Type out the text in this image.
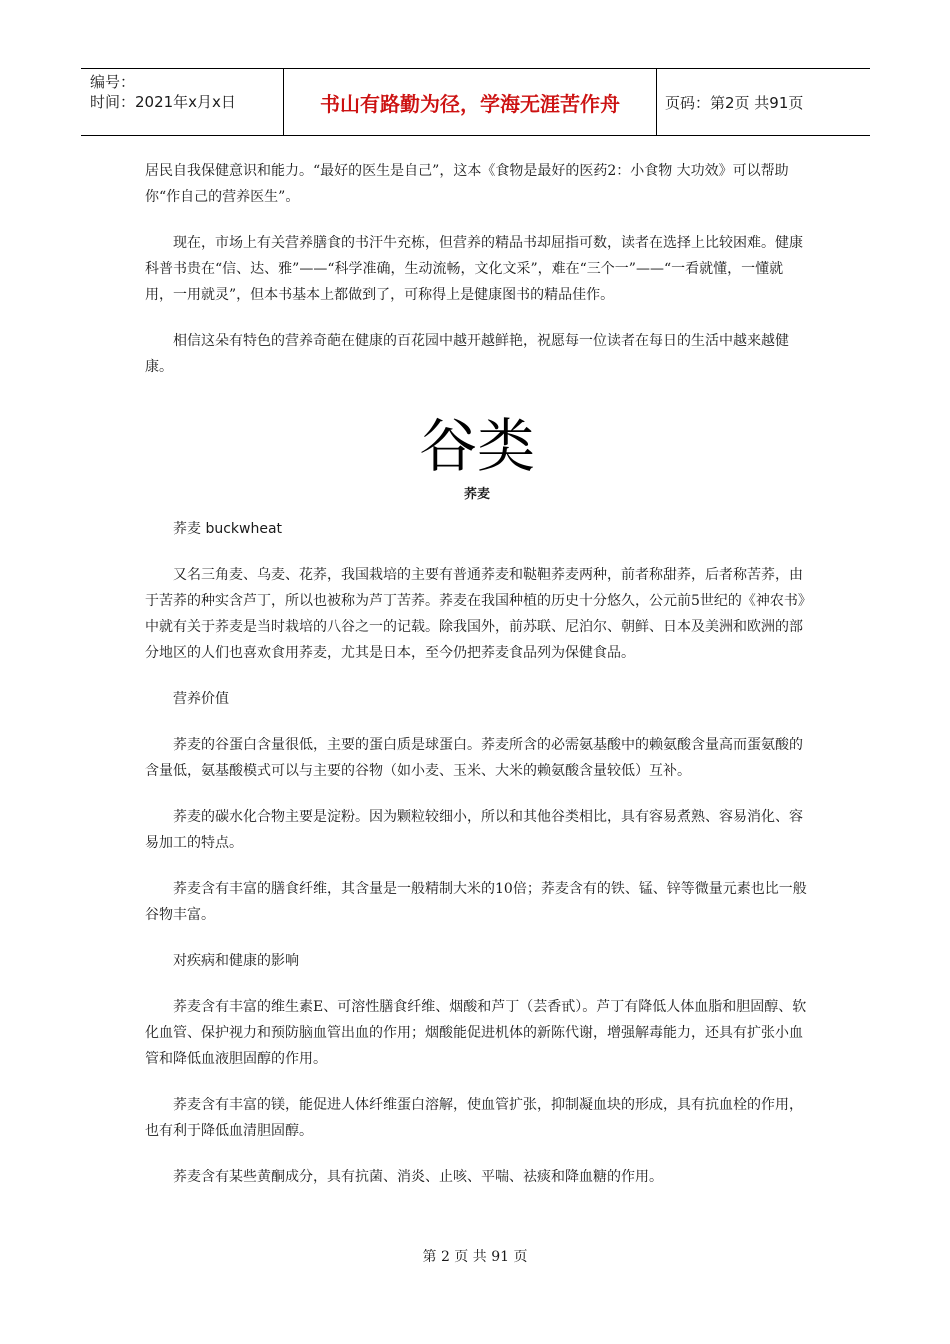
编号：
时间：2021年x月x日	书山有路勤为径，学海无涯苦作舟	页码：第2页 共91页

居民自我保健意识和能力。“最好的医生是自己”，这本《食物是最好的医药2：小食物 大功效》可以帮助你“作自己的营养医生”。

现在，市场上有关营养膳食的书汗牛充栋，但营养的精品书却屈指可数，读者在选择上比较困难。健康科普书贵在“信、达、雅”——“科学准确，生动流畅，文化文采”，难在“三个一”——“一看就懂，一懂就用，一用就灵”，但本书基本上都做到了，可称得上是健康图书的精品佳作。

相信这朵有特色的营养奇葩在健康的百花园中越开越鲜艳，祝愿每一位读者在每日的生活中越来越健康。

谷类
荞麦

荞麦 buckwheat

又名三角麦、乌麦、花荞，我国栽培的主要有普通荞麦和鞑靼荞麦两种，前者称甜荞，后者称苦荞，由于苦荞的种实含芦丁，所以也被称为芦丁苦荞。荞麦在我国种植的历史十分悠久，公元前5世纪的《神农书》中就有关于荞麦是当时栽培的八谷之一的记载。除我国外，前苏联、尼泊尔、朝鲜、日本及美洲和欧洲的部分地区的人们也喜欢食用荞麦，尤其是日本，至今仍把荞麦食品列为保健食品。

营养价值

荞麦的谷蛋白含量很低，主要的蛋白质是球蛋白。荞麦所含的必需氨基酸中的赖氨酸含量高而蛋氨酸的含量低，氨基酸模式可以与主要的谷物（如小麦、玉米、大米的赖氨酸含量较低）互补。

荞麦的碳水化合物主要是淀粉。因为颗粒较细小，所以和其他谷类相比，具有容易煮熟、容易消化、容易加工的特点。

荞麦含有丰富的膳食纤维，其含量是一般精制大米的10倍；荞麦含有的铁、锰、锌等微量元素也比一般谷物丰富。

对疾病和健康的影响

荞麦含有丰富的维生素E、可溶性膳食纤维、烟酸和芦丁（芸香甙）。芦丁有降低人体血脂和胆固醇、软化血管、保护视力和预防脑血管出血的作用；烟酸能促进机体的新陈代谢，增强解毒能力，还具有扩张小血管和降低血液胆固醇的作用。

荞麦含有丰富的镁，能促进人体纤维蛋白溶解，使血管扩张，抑制凝血块的形成，具有抗血栓的作用，也有利于降低血清胆固醇。

荞麦含有某些黄酮成分，具有抗菌、消炎、止咳、平喘、祛痰和降血糖的作用。

第 2 页 共 91 页
